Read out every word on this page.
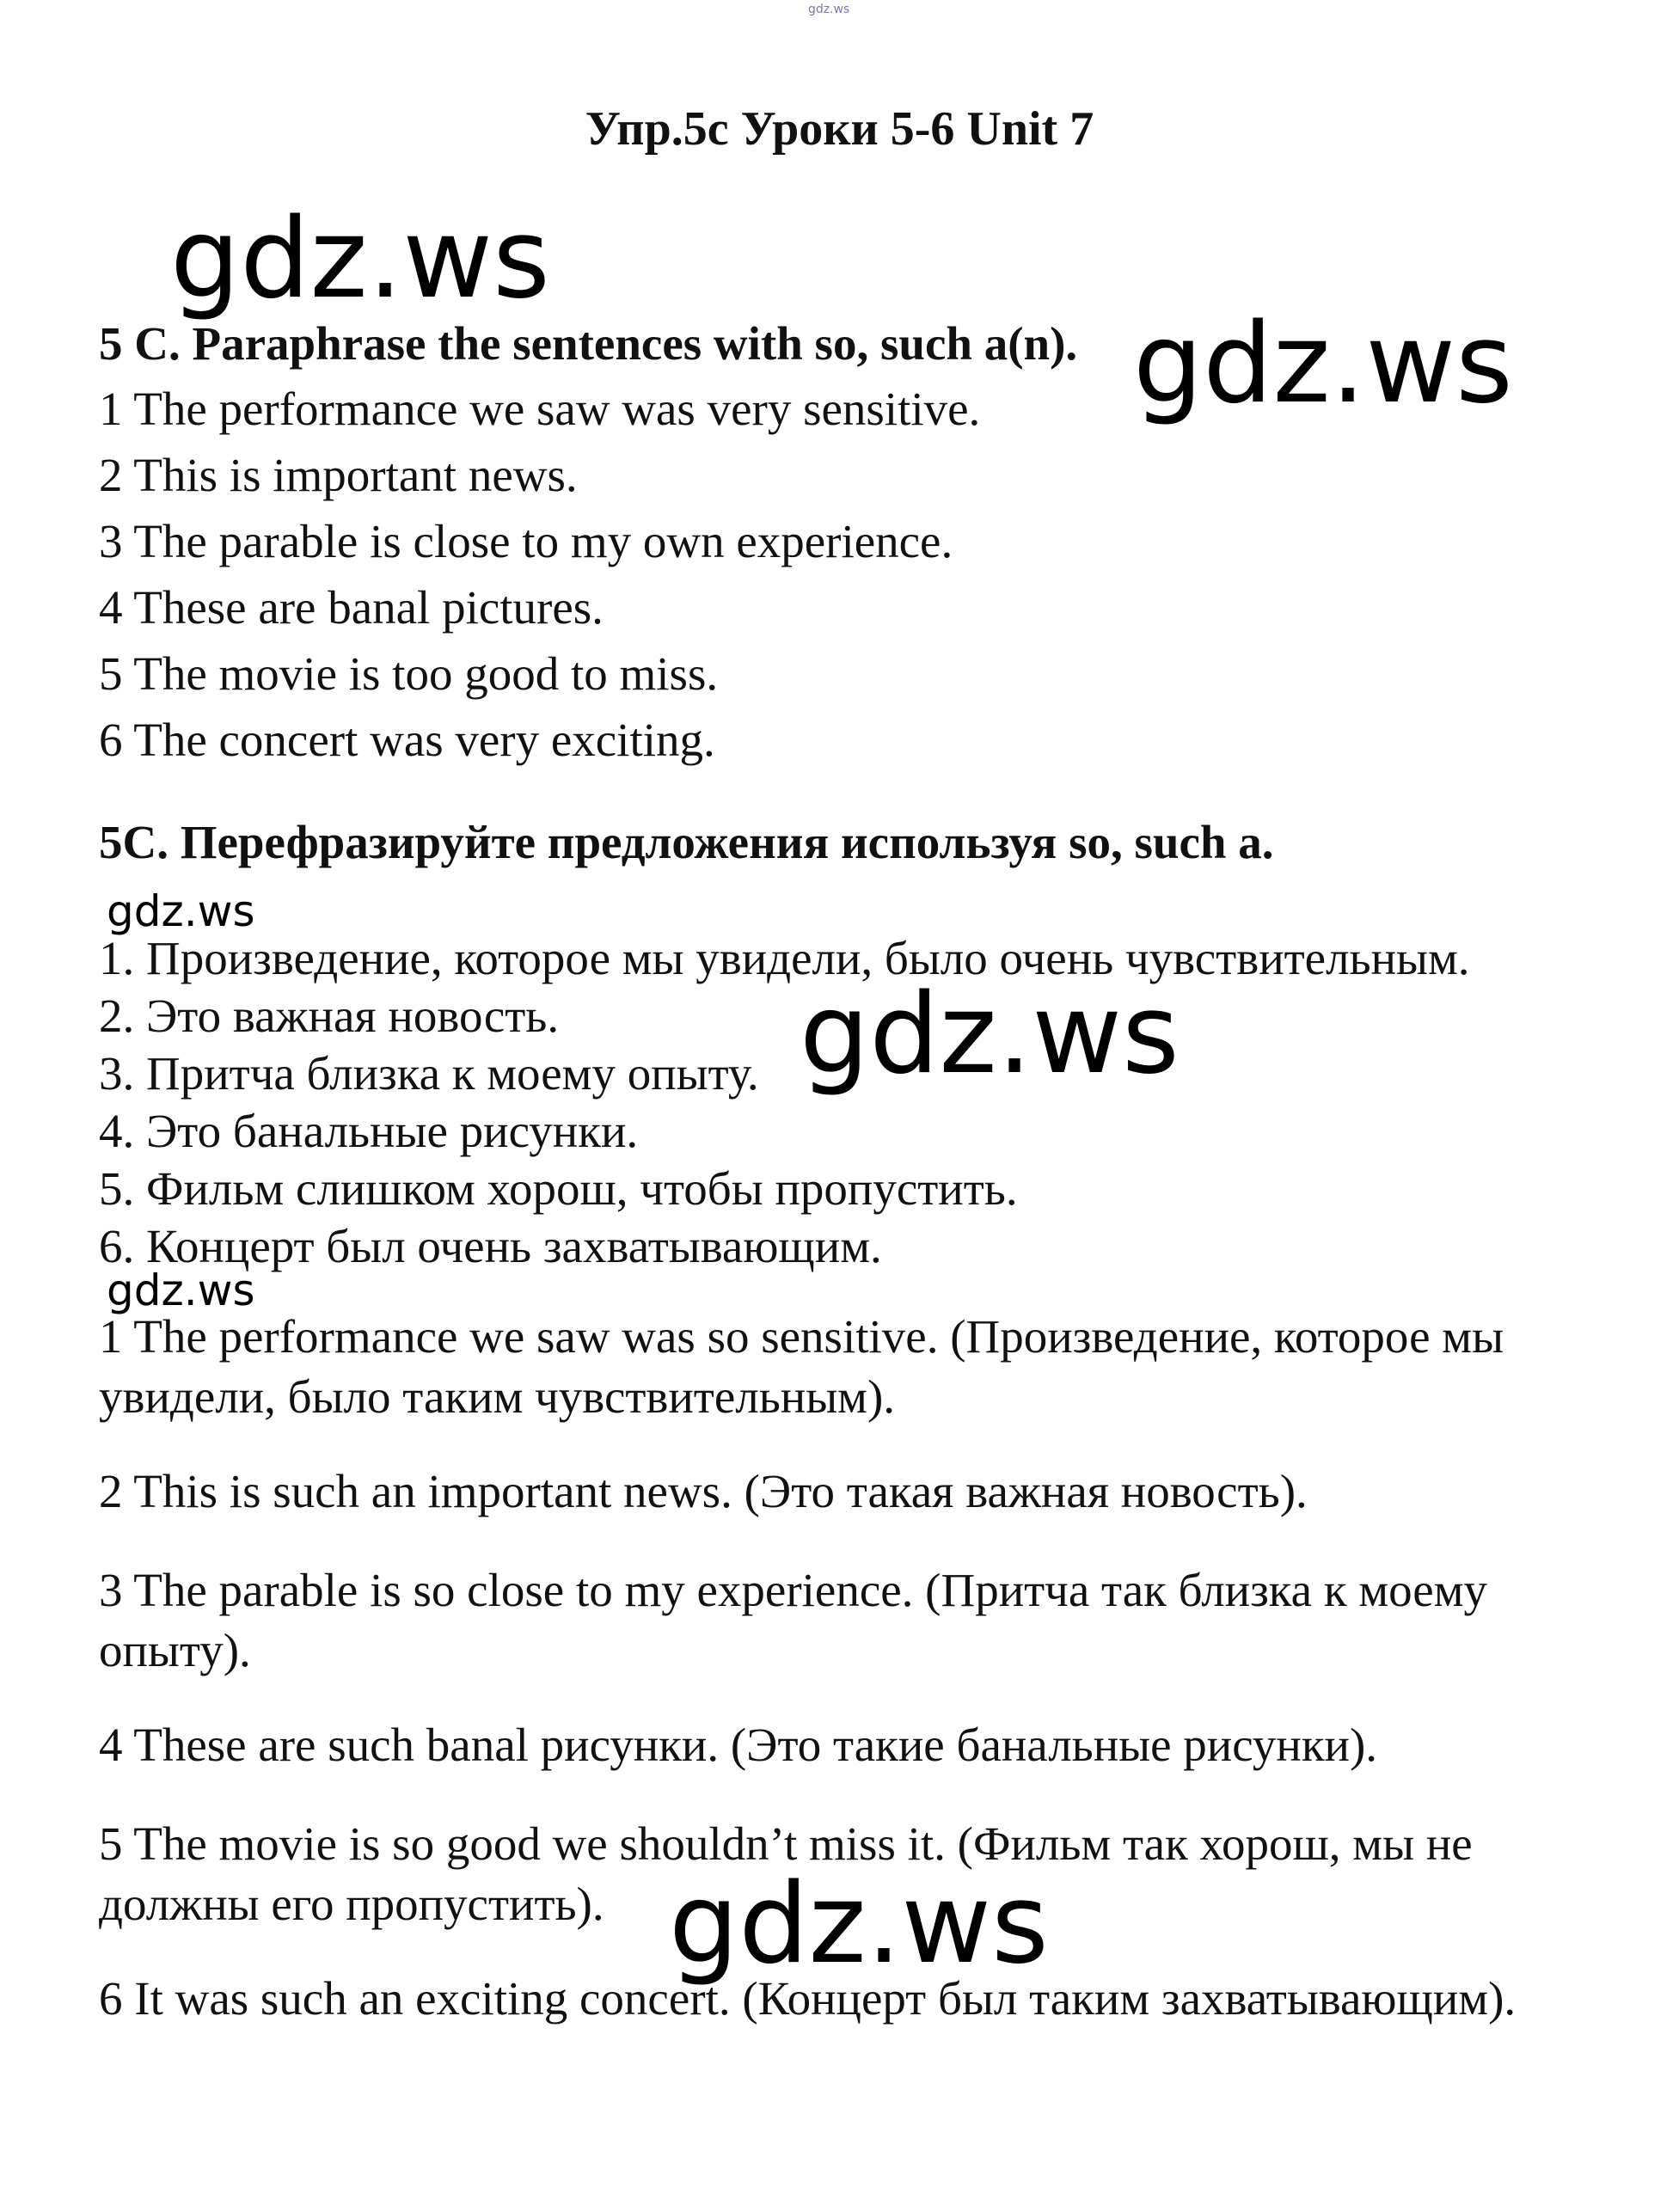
gdz.ws
Упр.5с Уроки 5-6 Unit 7
gdz.ws
5 C. Paraphrase the sentences with so, such a(n). gdz.ws
1 The performance we saw was very sensitive.
2 This is important news.
3 The parable is close to my own experience.
4 These are banal pictures.
5 The movie is too good to miss.
6 The concert was very exciting.
5C. Перефразируйте предложения используя so, such a.
gdz.ws
1. Произведение, которое мы увидели, было очень чувствительным.
2. Это важная новость.
3. Притча близка к моему опыту.
4. Это банальные рисунки.
5. Фильм слишком хорош, чтобы пропустить.
6. Концерт был очень захватывающим.
gdz.ws
gdz.ws
1 The performance we saw was so sensitive. (Произведение, которое мы увидели, было таким чувствительным).
2 This is such an important news. (Это такая важная новость).
3 The parable is so close to my experience. (Притча так близка к моему опыту).
4 These are such banal рисунки. (Это такие банальные рисунки).
5 The movie is so good we shouldn’t miss it. (Фильм так хорош, мы не должны его пропустить). gdz.ws
6 It was such an exciting concert. (Концерт был таким захватывающим).
